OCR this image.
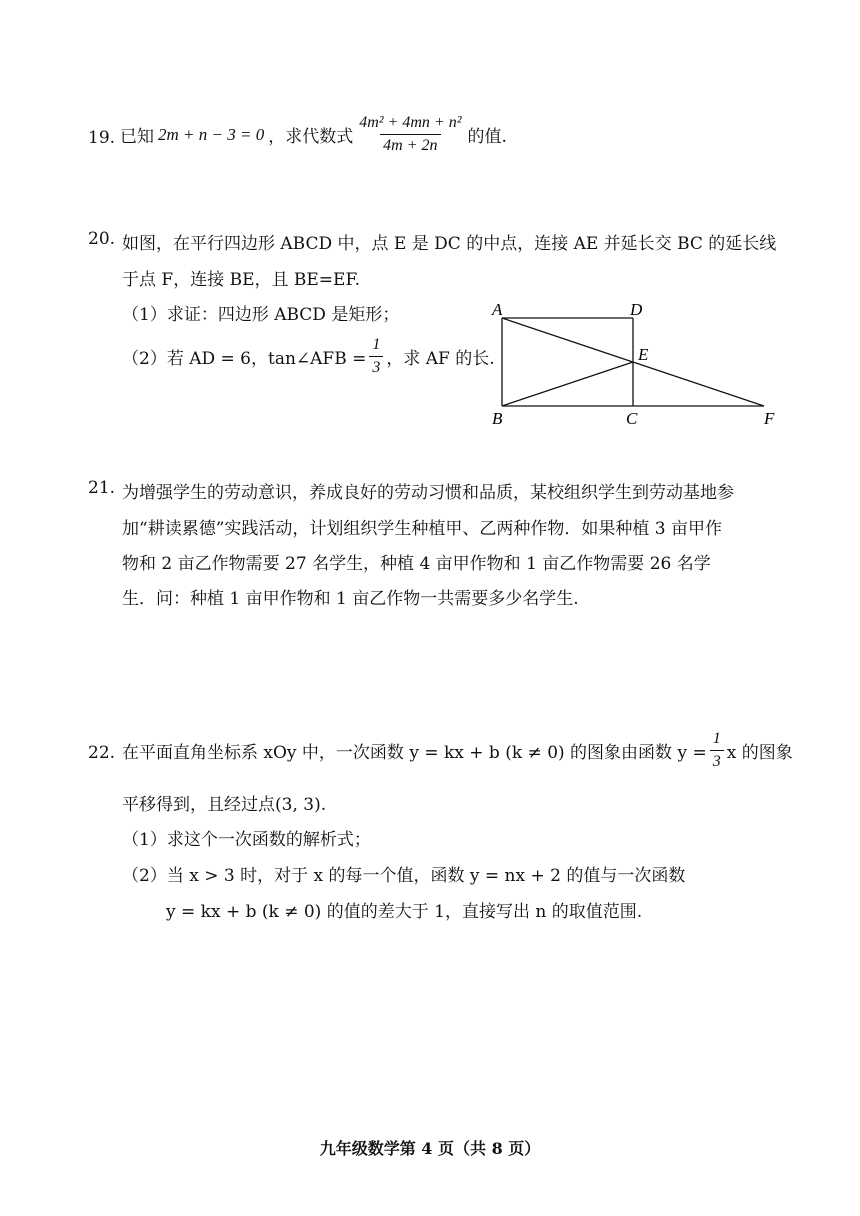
19. 已知 2m + n − 3 = 0 ，求代数式 $\frac{\text{4m² + 4mn + n²}}{4m + 2n}$ 的值.
20. 如图，在平行四边形 ABCD 中，点 E 是 DC 的中点，连接 AE 并延长交 BC 的延长线
于点 F，连接 BE，且 BE=EF.
（1）求证：四边形 ABCD 是矩形；
（2）若 AD = 6，tan∠AFB = $\frac{1}{3}$ ，求 AF 的长.
A	D
E
B	C	F
21. 为增强学生的劳动意识，养成良好的劳动习惯和品质，某校组织学生到劳动基地参
加“耕读累德”实践活动，计划组织学生种植甲、乙两种作物．如果种植 3 亩甲作
物和 2 亩乙作物需要 27 名学生，种植 4 亩甲作物和 1 亩乙作物需要 26 名学
生．问：种植 1 亩甲作物和 1 亩乙作物一共需要多少名学生.
22. 在平面直角坐标系 xOy 中，一次函数 y = kx + b (k ≠ 0) 的图象由函数 $y = \frac{1}{3}$ x 的图象
平移得到，且经过点(3, 3).
（1）求这个一次函数的解析式；
（2）当 x > 3 时，对于 x 的每一个值，函数 y = nx + 2 的值与一次函数
y = kx + b (k ≠ 0) 的值的差大于 1，直接写出 n 的取值范围.
九年级数学第 4 页（共 8 页）
